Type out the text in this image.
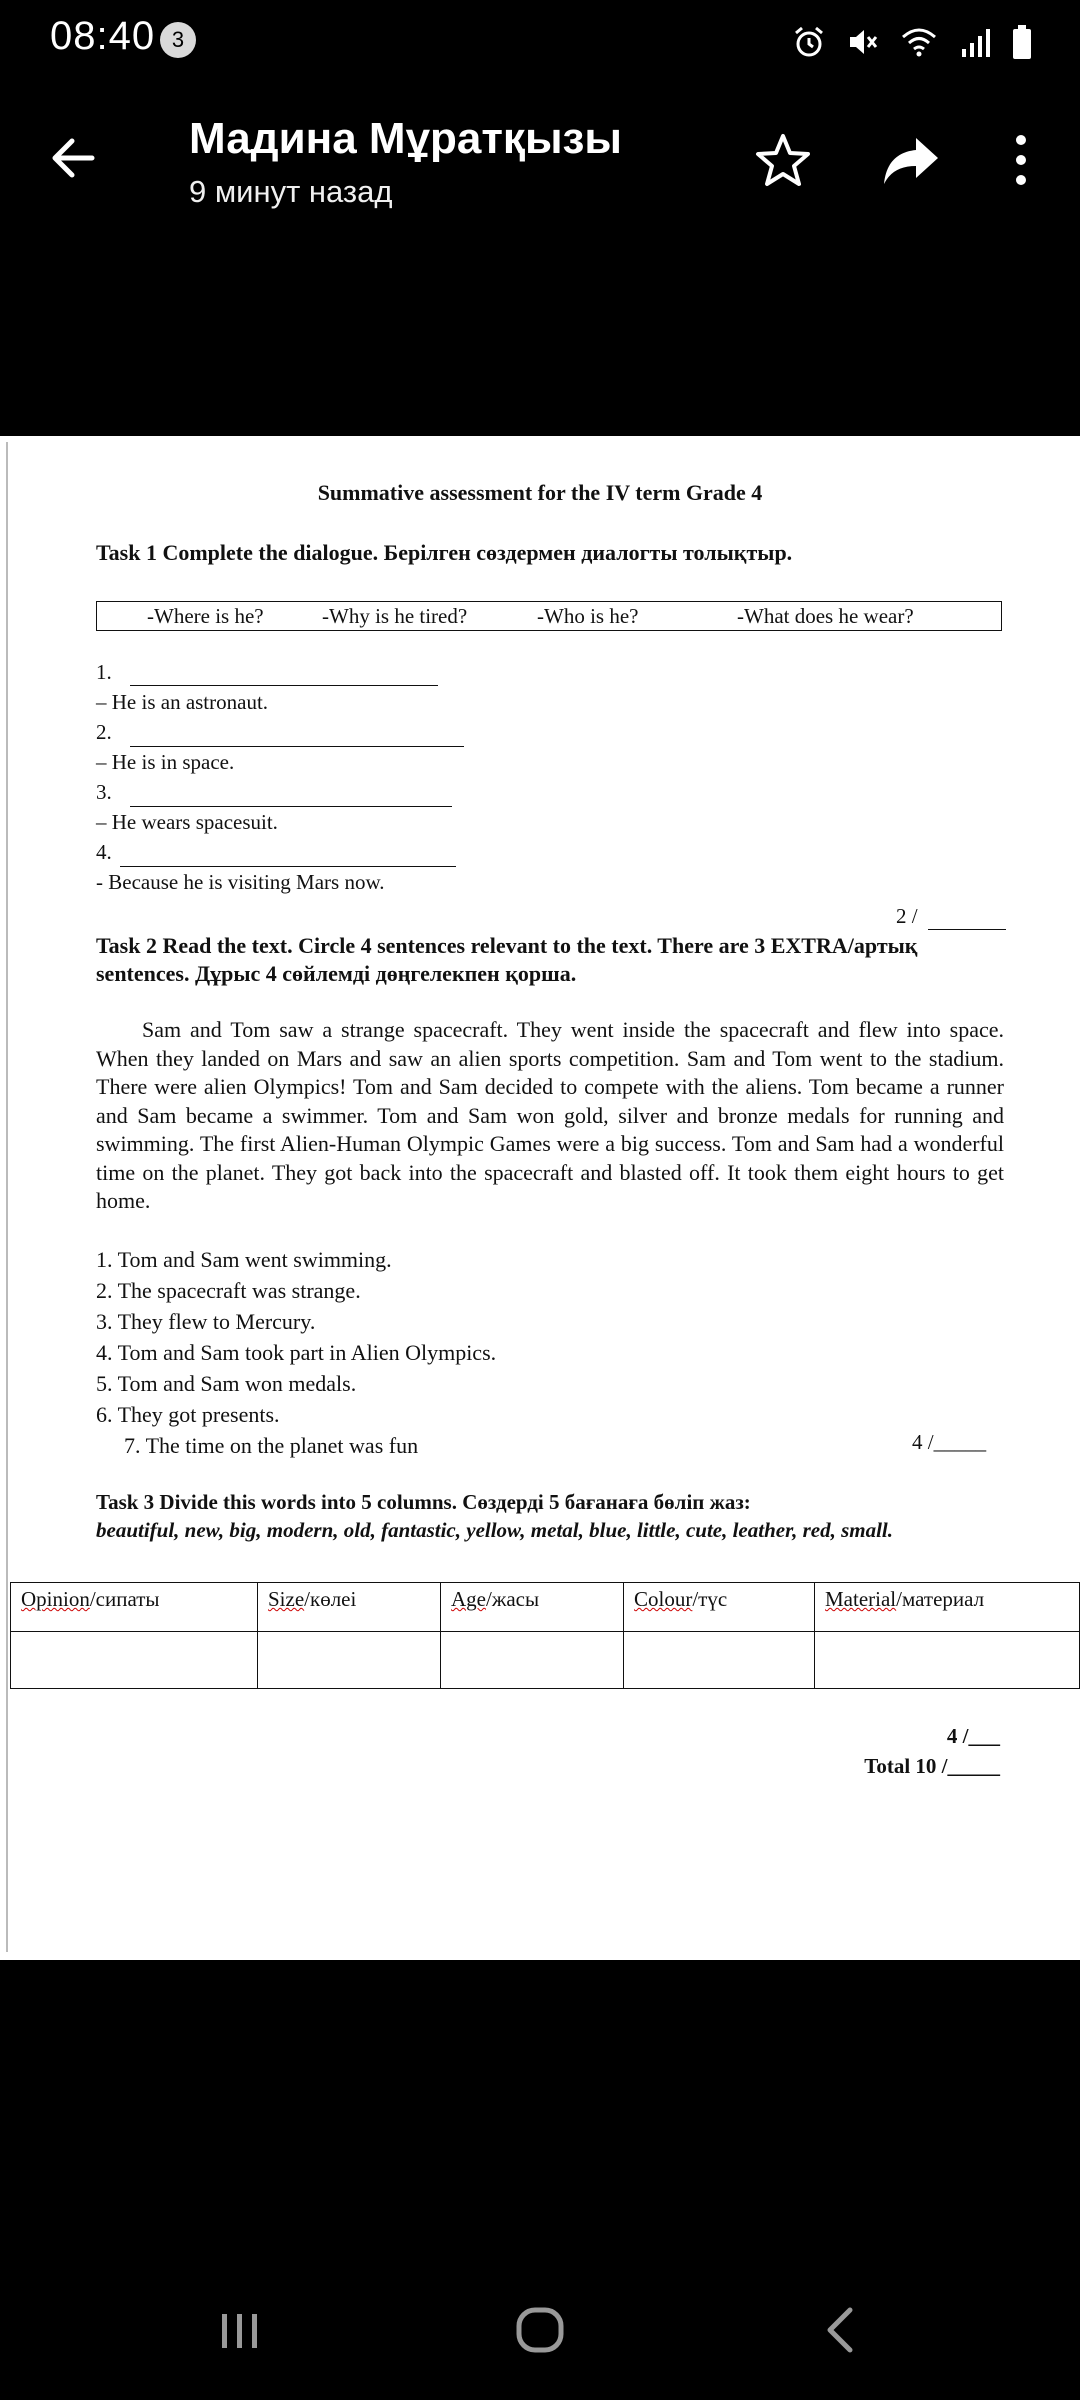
08:40 3
Мадина Мұратқызы
9 минут назад
Summative assessment for the IV term Grade 4
Task 1 Complete the dialogue. Берілген сөздермен диалогты толықтыр.
-Where is he?	-Why is he tired?	-Who is he?	-What does he wear?
1.
– He is an astronaut.
2.
– He is in space.
3.
– He wears spacesuit.
4.
- Because he is visiting Mars now.
2 /
Task 2 Read the text. Circle 4 sentences relevant to the text. There are 3 EXTRA/артық sentences. Дұрыс 4 сөйлемді дөңгелекпен қорша.
Sam and Tom saw a strange spacecraft. They went inside the spacecraft and flew into space. When they landed on Mars and saw an alien sports competition. Sam and Tom went to the stadium. There were alien Olympics! Tom and Sam decided to compete with the aliens. Tom became a runner and Sam became a swimmer. Tom and Sam won gold, silver and bronze medals for running and swimming. The first Alien-Human Olympic Games were a big success. Tom and Sam had a wonderful time on the planet. They got back into the spacecraft and blasted off. It took them eight hours to get home.
1. Tom and Sam went swimming.
2. The spacecraft was strange.
3. They flew to Mercury.
4. Tom and Sam took part in Alien Olympics.
5. Tom and Sam won medals.
6. They got presents.
7. The time on the planet was fun	4 /_____
Task 3 Divide this words into 5 columns. Сөздерді 5 бағанаға бөліп жаз:
beautiful, new, big, modern, old, fantastic, yellow, metal, blue, little, cute, leather, red, small.
Opinion/сипаты	Size/көлеі	Age/жасы	Colour/түс	Material/материал

4 /___
Total 10 /_____
